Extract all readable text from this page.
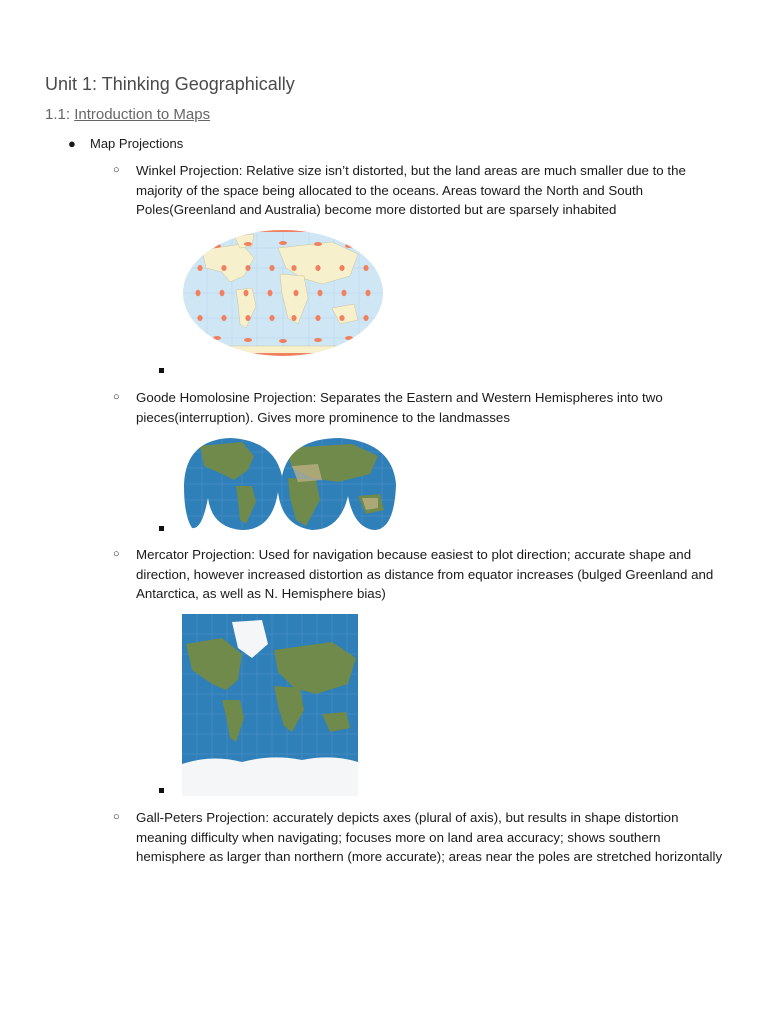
Unit 1: Thinking Geographically
1.1: Introduction to Maps
● Map Projections
○ Winkel Projection: Relative size isn’t distorted, but the land areas are much smaller due to the majority of the space being allocated to the oceans. Areas toward the North and South Poles(Greenland and Australia) become more distorted but are sparsely inhabited
○ Goode Homolosine Projection: Separates the Eastern and Western Hemispheres into two pieces(interruption). Gives more prominence to the landmasses
○ Mercator Projection: Used for navigation because easiest to plot direction; accurate shape and direction, however increased distortion as distance from equator increases (bulged Greenland and Antarctica, as well as N. Hemisphere bias)
○ Gall-Peters Projection: accurately depicts axes (plural of axis), but results in shape distortion meaning difficulty when navigating; focuses more on land area accuracy; shows southern hemisphere as larger than northern (more accurate); areas near the poles are stretched horizontally
